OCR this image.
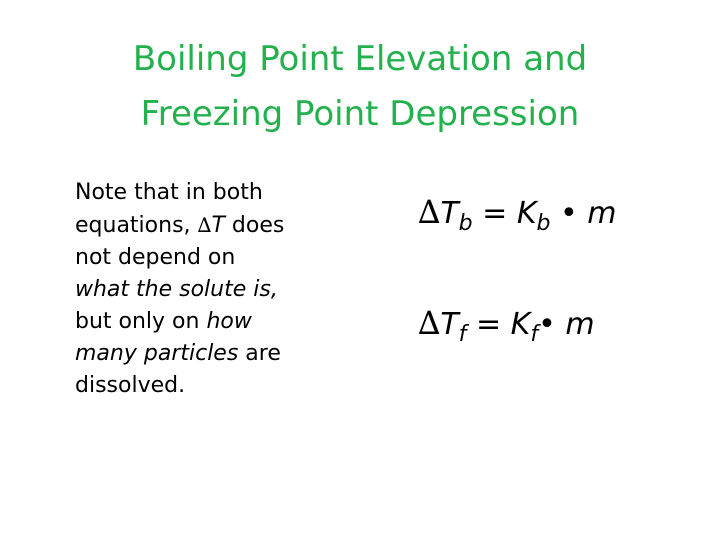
Boiling Point Elevation and
Freezing Point Depression
Note that in both
equations, ∆T does
not depend on
what the solute is,
but only on how
many particles are
dissolved.
$\Delta T_b = K_b$ • m
$\Delta T_f$ = $K_f•$ m
